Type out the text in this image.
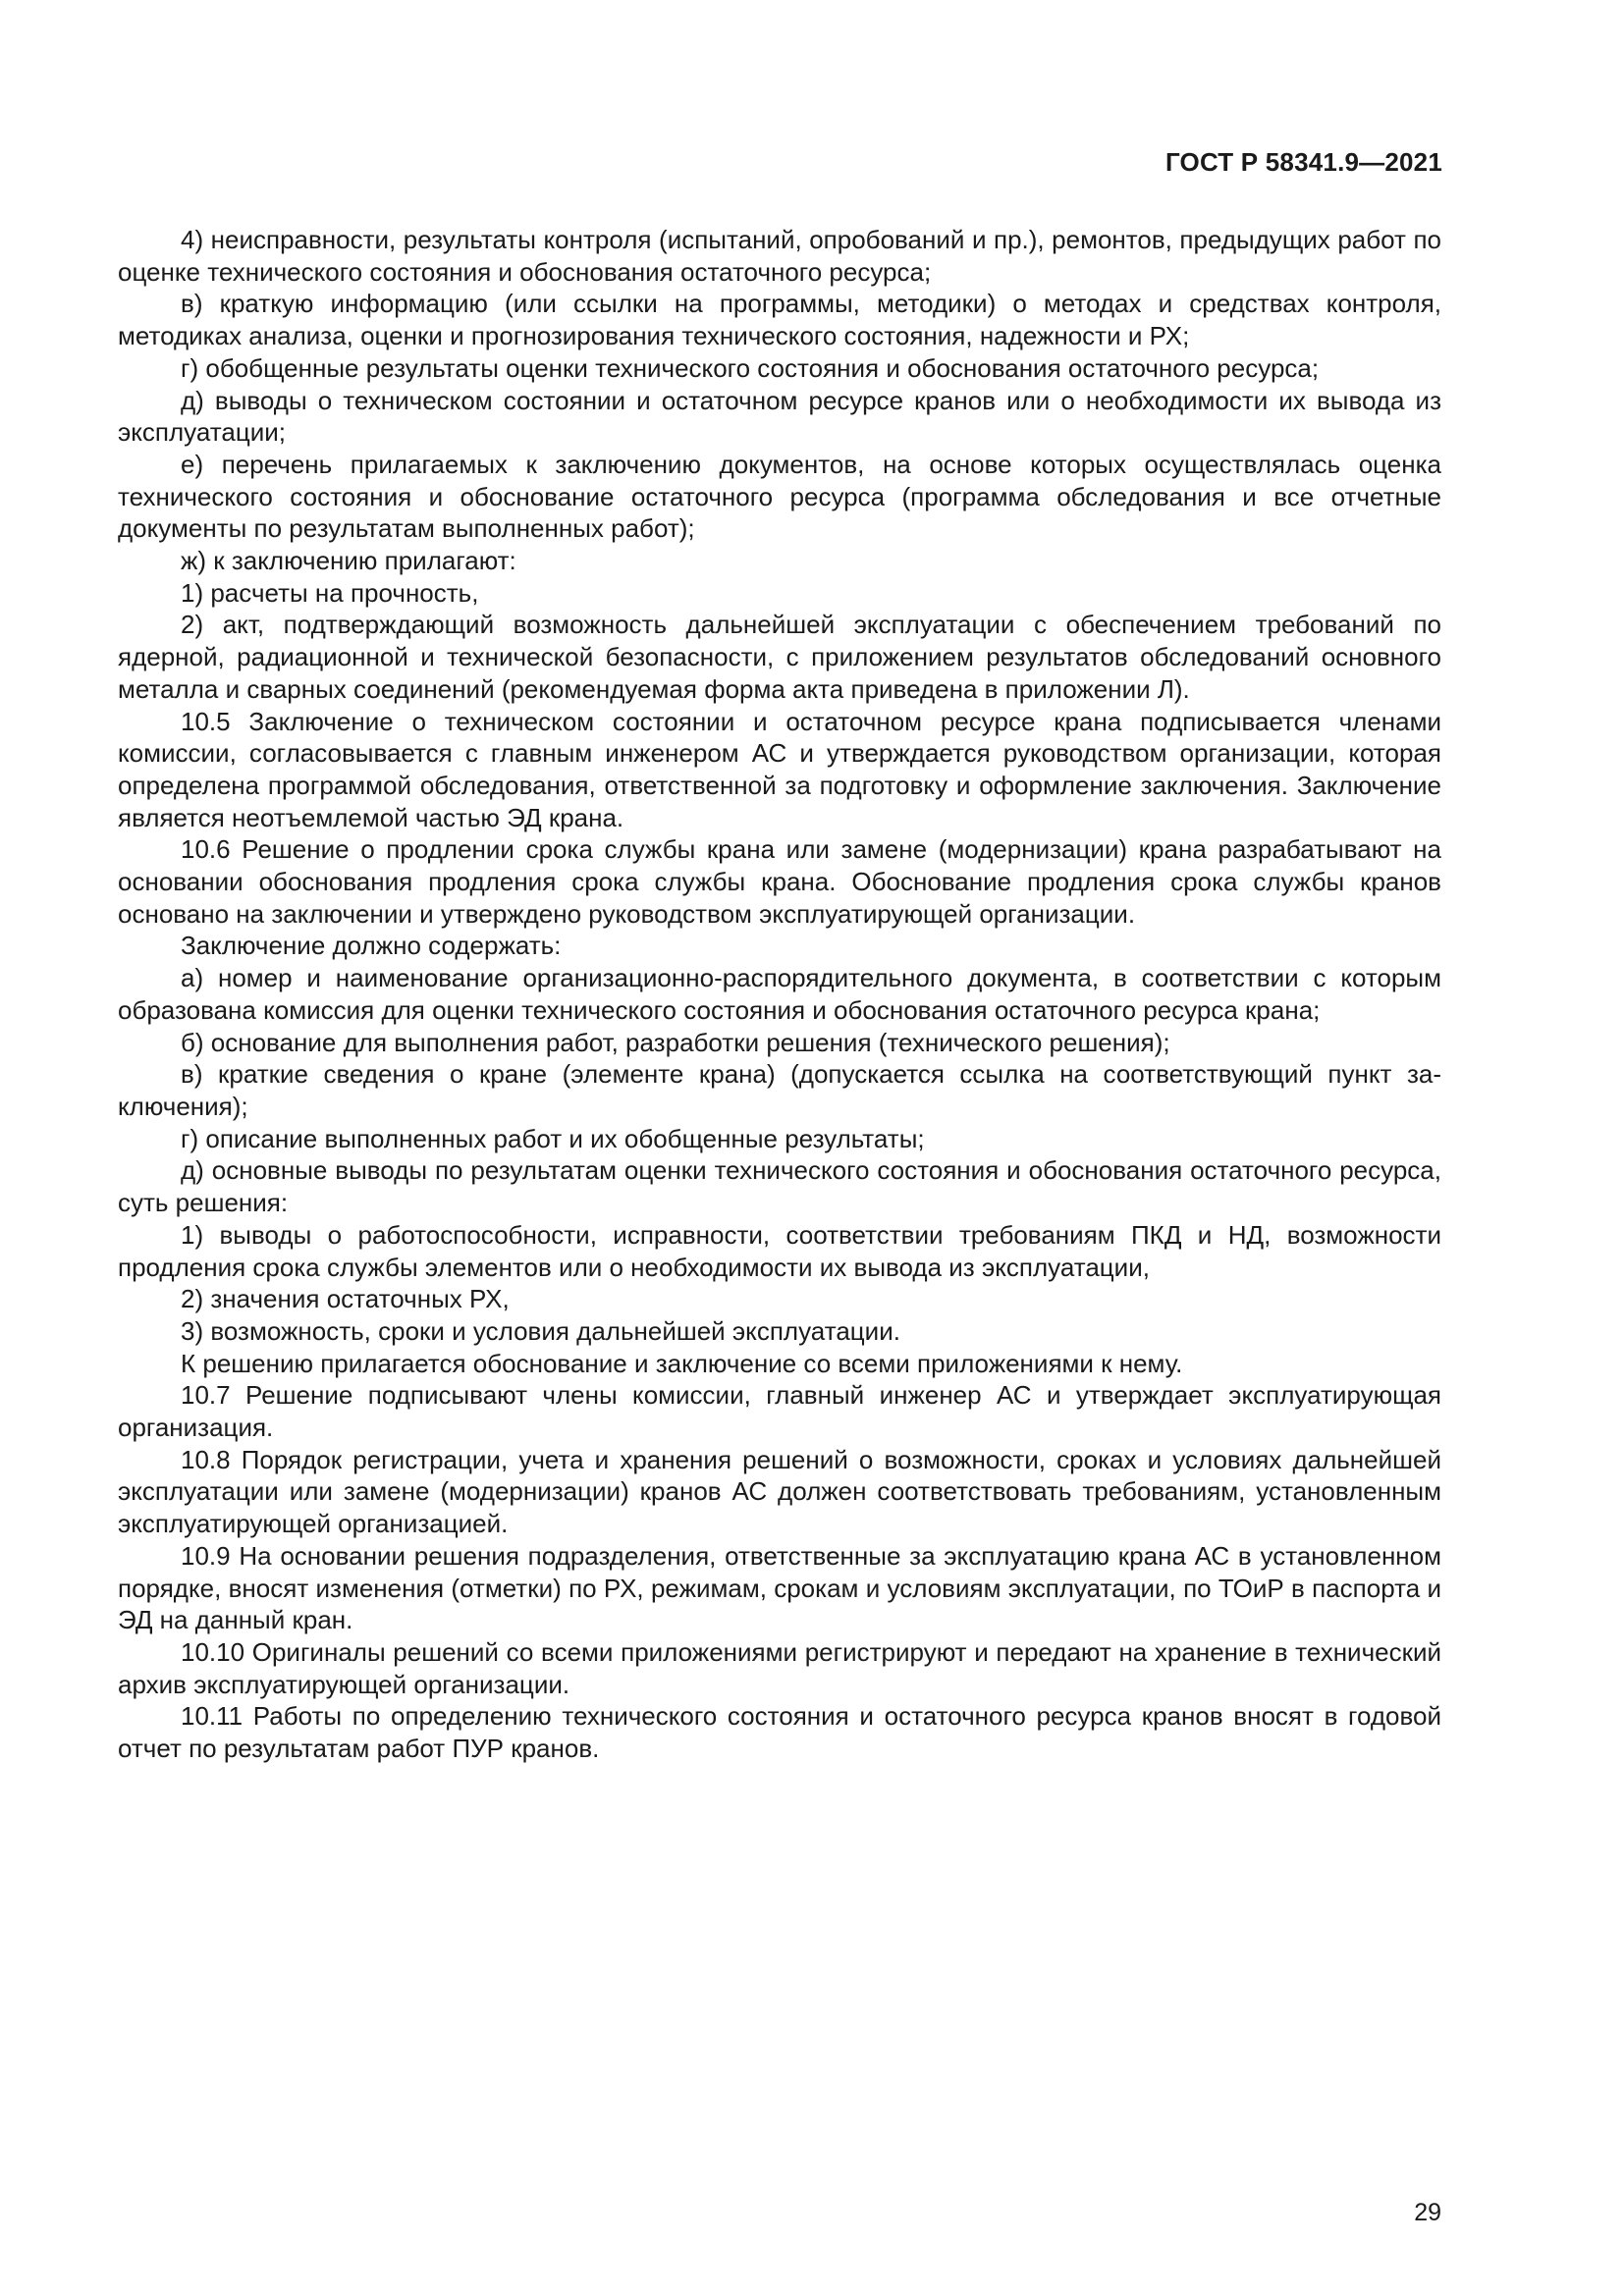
ГОСТ Р 58341.9—2021

4) неисправности, результаты контроля (испытаний, опробований и пр.), ремонтов, предыдущих работ по оценке технического состояния и обоснования остаточного ресурса;

в) краткую информацию (или ссылки на программы, методики) о методах и средствах контроля, методиках анализа, оценки и прогнозирования технического состояния, надежности и РХ;

г) обобщенные результаты оценки технического состояния и обоснования остаточного ресурса;

д) выводы о техническом состоянии и остаточном ресурсе кранов или о необходимости их вывода из эксплуатации;

е) перечень прилагаемых к заключению документов, на основе которых осуществлялась оценка технического состояния и обоснование остаточного ресурса (программа обследования и все отчетные документы по результатам выполненных работ);

ж) к заключению прилагают:

1) расчеты на прочность,

2) акт, подтверждающий возможность дальнейшей эксплуатации с обеспечением требований по ядерной, радиационной и технической безопасности, с приложением результатов обследований основного металла и сварных соединений (рекомендуемая форма акта приведена в приложении Л).

10.5 Заключение о техническом состоянии и остаточном ресурсе крана подписывается членами комиссии, согласовывается с главным инженером АС и утверждается руководством организации, которая определена программой обследования, ответственной за подготовку и оформление заключения. Заключение является неотъемлемой частью ЭД крана.

10.6 Решение о продлении срока службы крана или замене (модернизации) крана разрабатывают на основании обоснования продления срока службы крана. Обоснование продления срока службы кранов основано на заключении и утверждено руководством эксплуатирующей организации.

Заключение должно содержать:

а) номер и наименование организационно-распорядительного документа, в соответствии с которым образована комиссия для оценки технического состояния и обоснования остаточного ресурса крана;

б) основание для выполнения работ, разработки решения (технического решения);

в) краткие сведения о кране (элементе крана) (допускается ссылка на соответствующий пункт заключения);

г) описание выполненных работ и их обобщенные результаты;

д) основные выводы по результатам оценки технического состояния и обоснования остаточного ресурса, суть решения:

1) выводы о работоспособности, исправности, соответствии требованиям ПКД и НД, возможности продления срока службы элементов или о необходимости их вывода из эксплуатации,

2) значения остаточных РХ,

3) возможность, сроки и условия дальнейшей эксплуатации.

К решению прилагается обоснование и заключение со всеми приложениями к нему.

10.7 Решение подписывают члены комиссии, главный инженер АС и утверждает эксплуатирующая организация.

10.8 Порядок регистрации, учета и хранения решений о возможности, сроках и условиях дальнейшей эксплуатации или замене (модернизации) кранов АС должен соответствовать требованиям, установленным эксплуатирующей организацией.

10.9 На основании решения подразделения, ответственные за эксплуатацию крана АС в установленном порядке, вносят изменения (отметки) по РХ, режимам, срокам и условиям эксплуатации, по ТОиР в паспорта и ЭД на данный кран.

10.10 Оригиналы решений со всеми приложениями регистрируют и передают на хранение в технический архив эксплуатирующей организации.

10.11 Работы по определению технического состояния и остаточного ресурса кранов вносят в годовой отчет по результатам работ ПУР кранов.

29
